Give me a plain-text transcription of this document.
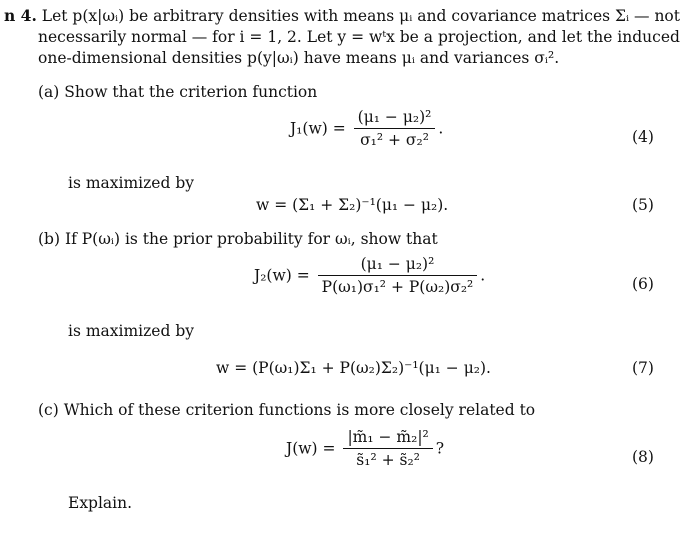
n 4. Let p(x|ωᵢ) be arbitrary densities with means μᵢ and covariance matrices Σᵢ — not
necessarily normal — for i = 1, 2. Let y = wᵗx be a projection, and let the induced
one-dimensional densities p(y|ωᵢ) have means μᵢ and variances σᵢ².
(a) Show that the criterion function
$J_1(w) = \frac{\text{(μ₁ − μ₂)²}}{\text{σ₁² + σ₂²}}$ .	(4)
is maximized by
w = (Σ₁ + Σ₂)⁻¹(μ₁ − μ₂).	(5)
(b) If P(ωᵢ) is the prior probability for ωᵢ, show that
$J_2(w) = \frac{\text{(μ₁ − μ₂)²}}{\text{P(ω₁)σ₁² + P(ω₂)σ₂²}}$ .	(6)
is maximized by
w = (P(ω₁)Σ₁ + P(ω₂)Σ₂)⁻¹(μ₁ − μ₂).	(7)
(c) Which of these criterion functions is more closely related to
$J(w) = \frac{\text{|m̃₁ − m̃₂|²}}{\text{s̃₁² + s̃₂²}}$ ?	(8)
Explain.
